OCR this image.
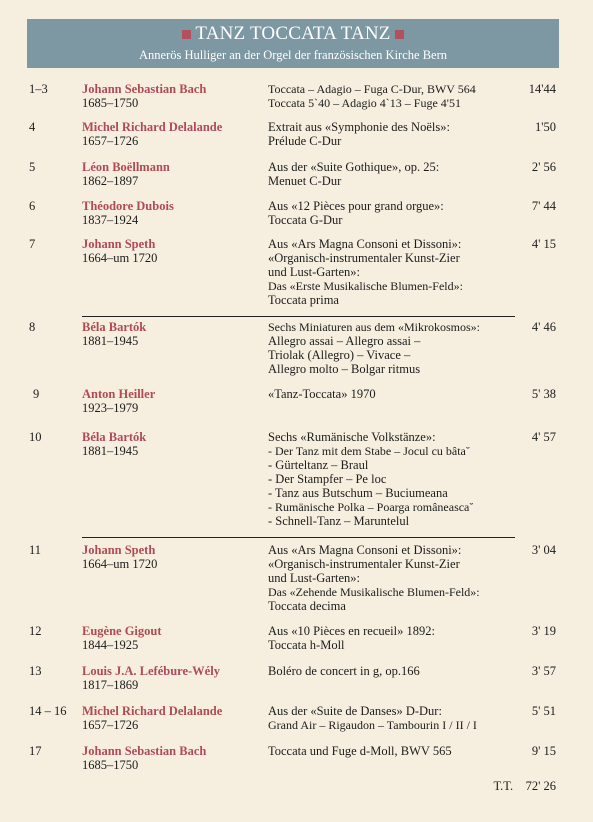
TANZ TOCCATA TANZ
Annerös Hulliger an der Orgel der französischen Kirche Bern
1–3	Johann Sebastian Bach
1685–1750
Toccata – Adagio – Fuga C-Dur, BWV 564
Toccata 5`40 – Adagio 4`13 – Fuge 4'51
14'44
4	Michel Richard Delalande
1657–1726
Extrait aus «Symphonie des Noëls»:
Prélude C-Dur
1'50
5	Léon Boëllmann
1862–1897
Aus der «Suite Gothique», op. 25:
Menuet C-Dur
2' 56
6	Théodore Dubois
1837–1924
Aus «12 Pièces pour grand orgue»:
Toccata G-Dur
7' 44
7	Johann Speth
1664–um 1720
Aus «Ars Magna Consoni et Dissoni»:
«Organisch-instrumentaler Kunst-Zier
und Lust-Garten»:
Das «Erste Musikalische Blumen-Feld»:
Toccata prima
4' 15
8	Béla Bartók
1881–1945
Sechs Miniaturen aus dem «Mikrokosmos»:
Allegro assai – Allegro assai –
Triolak (Allegro) – Vivace –
Allegro molto – Bolgar ritmus
4' 46
9	Anton Heiller
1923–1979
«Tanz-Toccata» 1970	5' 38
10	Béla Bartók
1881–1945
Sechs «Rumänische Volkstänze»:
- Der Tanz mit dem Stabe – Jocul cu bâta˘
- Gürteltanz – Braul
- Der Stampfer – Pe loc
- Tanz aus Butschum – Buciumeana
- Rumänische Polka – Poarga româneasca˘
- Schnell-Tanz – Maruntelul
4' 57
11	Johann Speth
1664–um 1720
Aus «Ars Magna Consoni et Dissoni»:
«Organisch-instrumentaler Kunst-Zier
und Lust-Garten»:
Das «Zehende Musikalische Blumen-Feld»:
Toccata decima
3' 04
12	Eugène Gigout
1844–1925
Aus «10 Pièces en recueil» 1892:
Toccata h-Moll
3' 19
13	Louis J.A. Lefébure-Wély
1817–1869
Boléro de concert in g, op.166	3' 57
14 – 16 Michel Richard Delalande
1657–1726
Aus der «Suite de Danses» D-Dur:
Grand Air – Rigaudon – Tambourin I / II / I
5' 51
17	Johann Sebastian Bach
1685–1750
Toccata und Fuge d-Moll, BWV 565	9' 15
T.T. 72' 26
